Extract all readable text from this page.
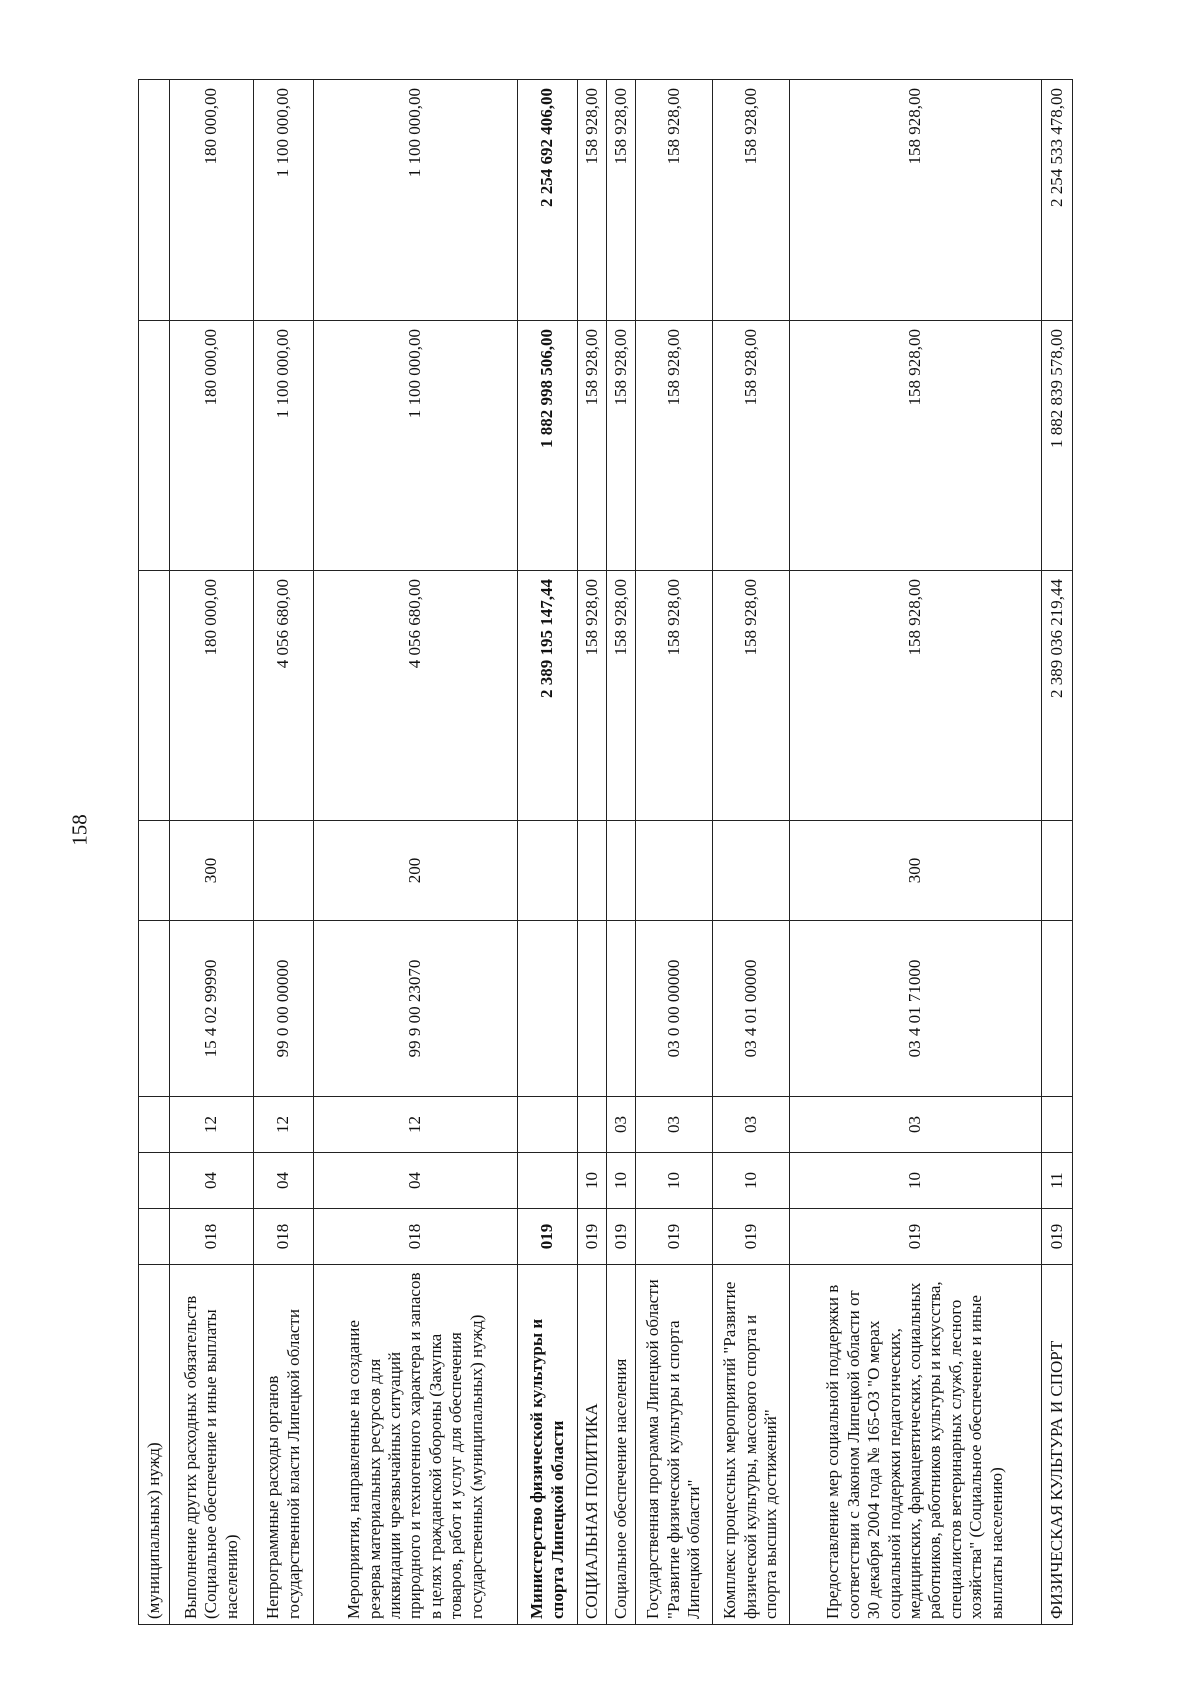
158
(муниципальных) нужд)								
Выполнение других расходных обязательств (Социальное обеспечение и иные выплаты населению)	018	04	12	15 4 02 99990	300	180 000,00	180 000,00	180 000,00
Непрограммные расходы органов государственной власти Липецкой области	018	04	12	99 0 00 00000		4 056 680,00	1 100 000,00	1 100 000,00
Мероприятия, направленные на создание резерва материальных ресурсов для ликвидации чрезвычайных ситуаций природного и техногенного характера и запасов в целях гражданской обороны (Закупка товаров, работ и услуг для обеспечения государственных (муниципальных) нужд)	018	04	12	99 9 00 23070	200	4 056 680,00	1 100 000,00	1 100 000,00
Министерство физической культуры и спорта Липецкой области	019					2 389 195 147,44	1 882 998 506,00	2 254 692 406,00
СОЦИАЛЬНАЯ ПОЛИТИКА	019	10				158 928,00	158 928,00	158 928,00
Социальное обеспечение населения	019	10	03			158 928,00	158 928,00	158 928,00
Государственная программа Липецкой области "Развитие физической культуры и спорта Липецкой области"	019	10	03	03 0 00 00000		158 928,00	158 928,00	158 928,00
Комплекс процессных мероприятий "Развитие физической культуры, массового спорта и спорта высших достижений"	019	10	03	03 4 01 00000		158 928,00	158 928,00	158 928,00
Предоставление мер социальной поддержки в соответствии с Законом Липецкой области от 30 декабря 2004 года № 165-ОЗ "О мерах социальной поддержки педагогических, медицинских, фармацевтических, социальных работников, работников культуры и искусства, специалистов ветеринарных служб, лесного хозяйства" (Социальное обеспечение и иные выплаты населению)	019	10	03	03 4 01 71000	300	158 928,00	158 928,00	158 928,00
ФИЗИЧЕСКАЯ КУЛЬТУРА И СПОРТ	019	11				2 389 036 219,44	1 882 839 578,00	2 254 533 478,00
